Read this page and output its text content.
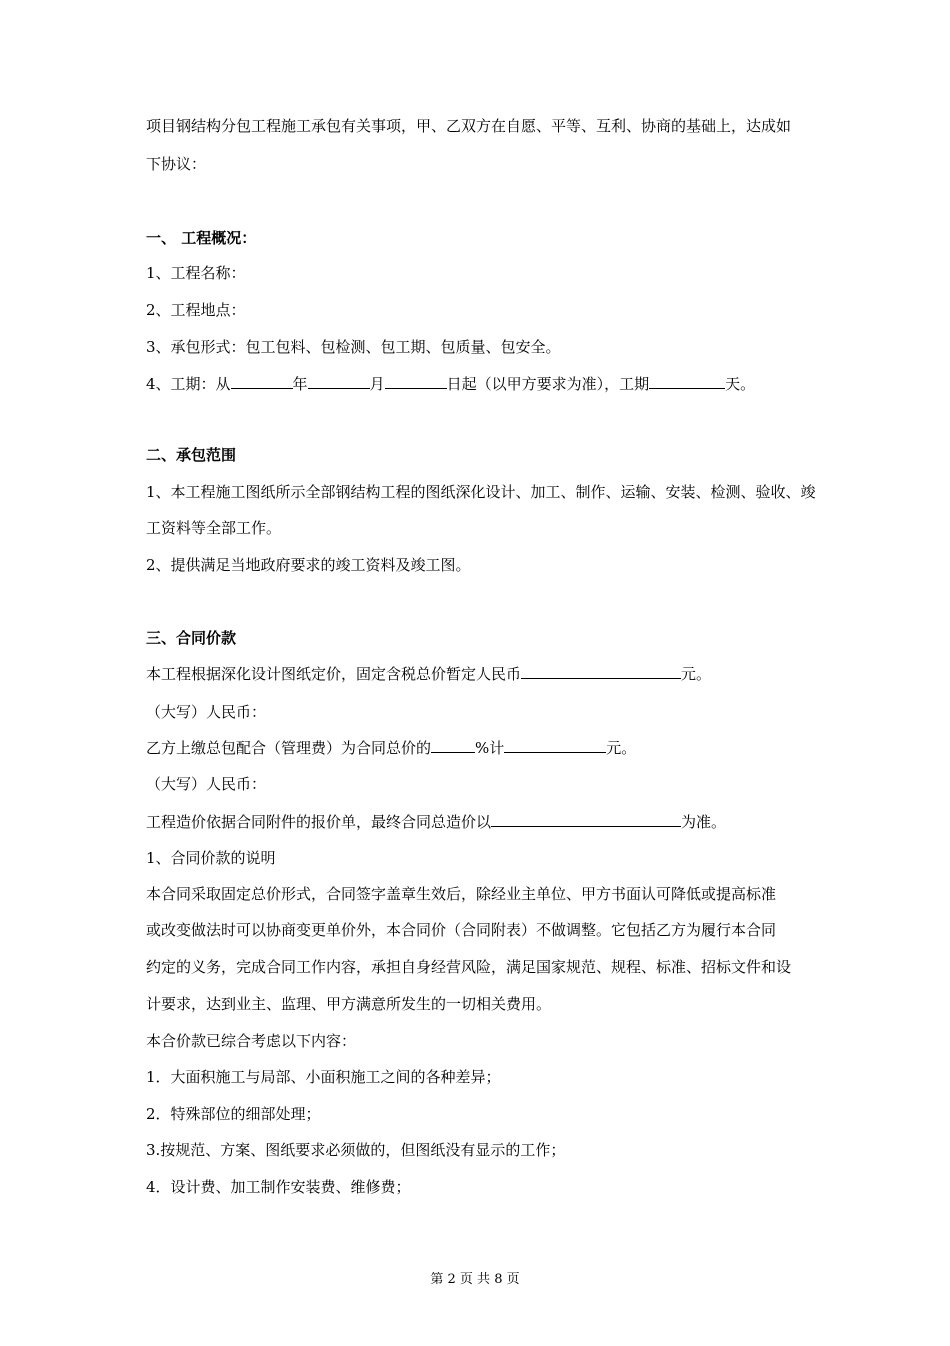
项目钢结构分包工程施工承包有关事项，甲、乙双方在自愿、平等、互利、协商的基础上，达成如
下协议：
一、 工程概况：
1、工程名称：
2、工程地点：
3、承包形式：包工包料、包检测、包工期、包质量、包安全。
4、工期：从	年	月	日起（以甲方要求为准），工期	天。
二、承包范围
1、本工程施工图纸所示全部钢结构工程的图纸深化设计、加工、制作、运输、安装、检测、验收、竣
工资料等全部工作。
2、提供满足当地政府要求的竣工资料及竣工图。
三、合同价款
本工程根据深化设计图纸定价，固定含税总价暂定人民币	元。
（大写）人民币：
乙方上缴总包配合（管理费）为合同总价的	%计	元。
（大写）人民币：
工程造价依据合同附件的报价单，最终合同总造价以	为准。
1、合同价款的说明
本合同采取固定总价形式，合同签字盖章生效后，除经业主单位、甲方书面认可降低或提高标准
或改变做法时可以协商变更单价外，本合同价（合同附表）不做调整。它包括乙方为履行本合同
约定的义务，完成合同工作内容，承担自身经营风险，满足国家规范、规程、标准、招标文件和设
计要求，达到业主、监理、甲方满意所发生的一切相关费用。
本合价款已综合考虑以下内容：
1．大面积施工与局部、小面积施工之间的各种差异；
2．特殊部位的细部处理；
3.按规范、方案、图纸要求必须做的，但图纸没有显示的工作；
4．设计费、加工制作安装费、维修费；
第 2 页 共 8 页
